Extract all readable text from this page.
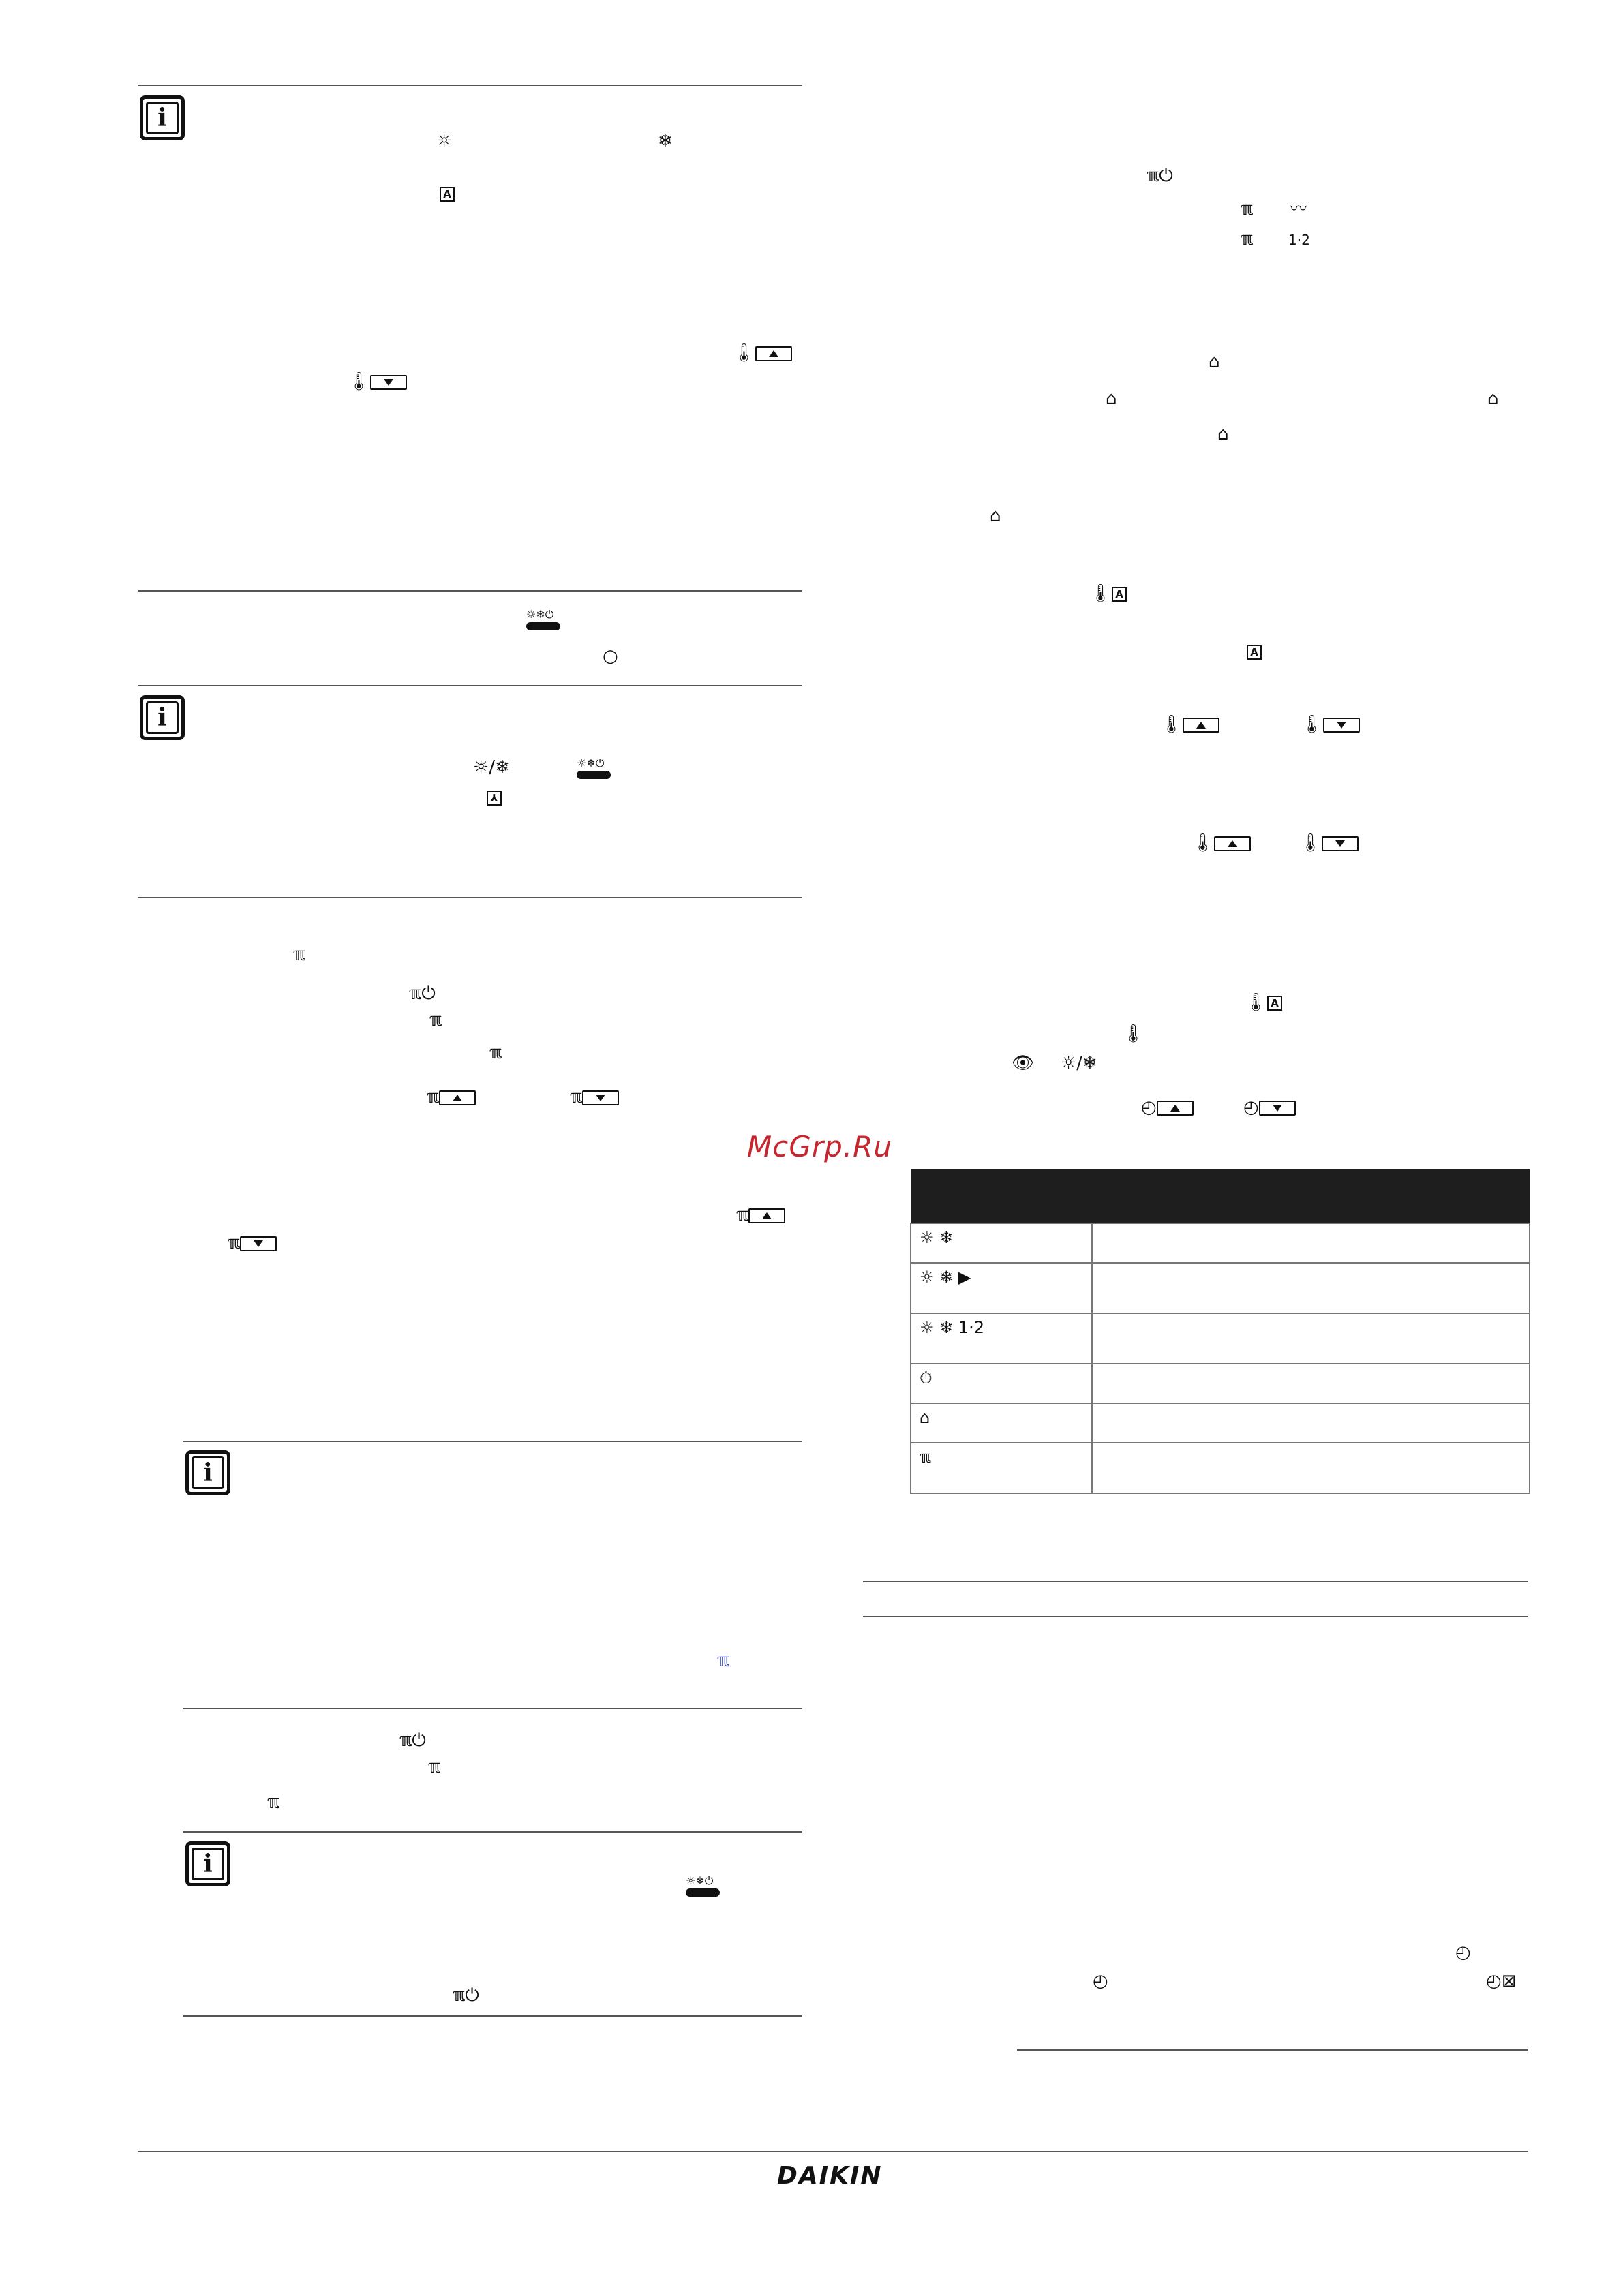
i
☼	❄
A
🌡
🌡
☼❄⏻

○
i
☼/❄	☼❄⏻

⅄
ℼ
ℼ⏻
ℼ
ℼ
ℼ	ℼ
ℼ
ℼ
i
ℼ
ℼ⏻
ℼ
ℼ
i
☼❄⏻

ℼ⏻
ℼ⏻
ℼ 〰
ℼ	1·2
⌂
⌂	⌂
⌂
⌂
🌡 A
A
🌡	🌡
🌡	🌡
🌡 A
🌡
👁 ☼/❄
◴	◴
McGrp.Ru

☼ ❄	
☼ ❄ ▶	
☼ ❄ 1·2	
⏱	
⌂	
ℼ	
◴
◴	◴⊠
DAIKIN
